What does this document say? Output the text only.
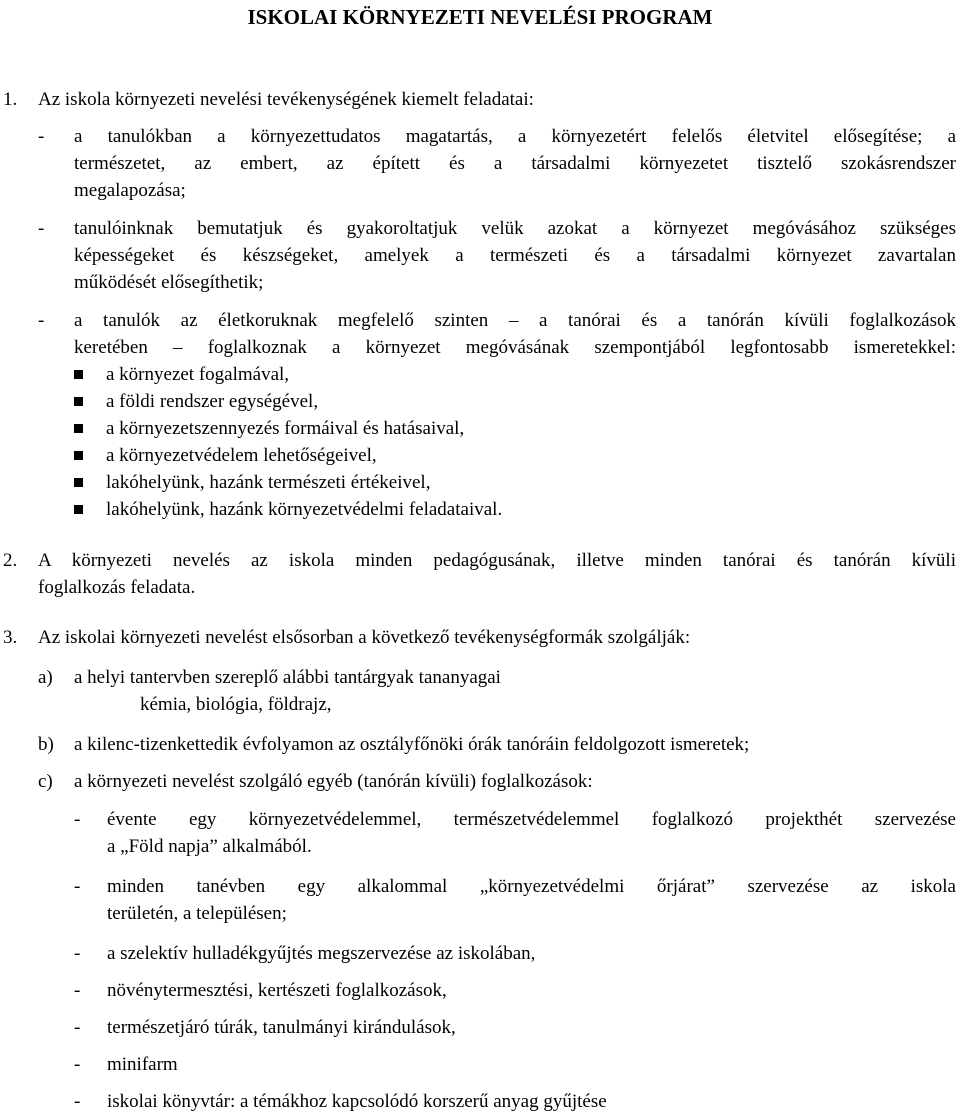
ISKOLAI KÖRNYEZETI NEVELÉSI PROGRAM
1. Az iskola környezeti nevelési tevékenységének kiemelt feladatai:
- a tanulókban a környezettudatos magatartás, a környezetért felelős életvitel elősegítése; a
természetet, az embert, az épített és a társadalmi környezetet tisztelő szokásrendszer
megalapozása;
- tanulóinknak bemutatjuk és gyakoroltatjuk velük azokat a környezet megóvásához szükséges
képességeket és készségeket, amelyek a természeti és a társadalmi környezet zavartalan
működését elősegíthetik;
- a tanulók az életkoruknak megfelelő szinten – a tanórai és a tanórán kívüli foglalkozások
keretében – foglalkoznak a környezet megóvásának szempontjából legfontosabb ismeretekkel:
a környezet fogalmával,
a földi rendszer egységével,
a környezetszennyezés formáival és hatásaival,
a környezetvédelem lehetőségeivel,
lakóhelyünk, hazánk természeti értékeivel,
lakóhelyünk, hazánk környezetvédelmi feladataival.
2. A környezeti nevelés az iskola minden pedagógusának, illetve minden tanórai és tanórán kívüli
foglalkozás feladata.
3. Az iskolai környezeti nevelést elsősorban a következő tevékenységformák szolgálják:
a) a helyi tantervben szereplő alábbi tantárgyak tananyagai
kémia, biológia, földrajz,
b) a kilenc-tizenkettedik évfolyamon az osztályfőnöki órák tanóráin feldolgozott ismeretek;
c) a környezeti nevelést szolgáló egyéb (tanórán kívüli) foglalkozások:
- évente egy környezetvédelemmel, természetvédelemmel foglalkozó projekthét szervezése
a „Föld napja” alkalmából.
- minden tanévben egy alkalommal „környezetvédelmi őrjárat” szervezése az iskola
területén, a településen;
- a szelektív hulladékgyűjtés megszervezése az iskolában,
- növénytermesztési, kertészeti foglalkozások,
- természetjáró túrák, tanulmányi kirándulások,
- minifarm
- iskolai könyvtár: a témákhoz kapcsolódó korszerű anyag gyűjtése
